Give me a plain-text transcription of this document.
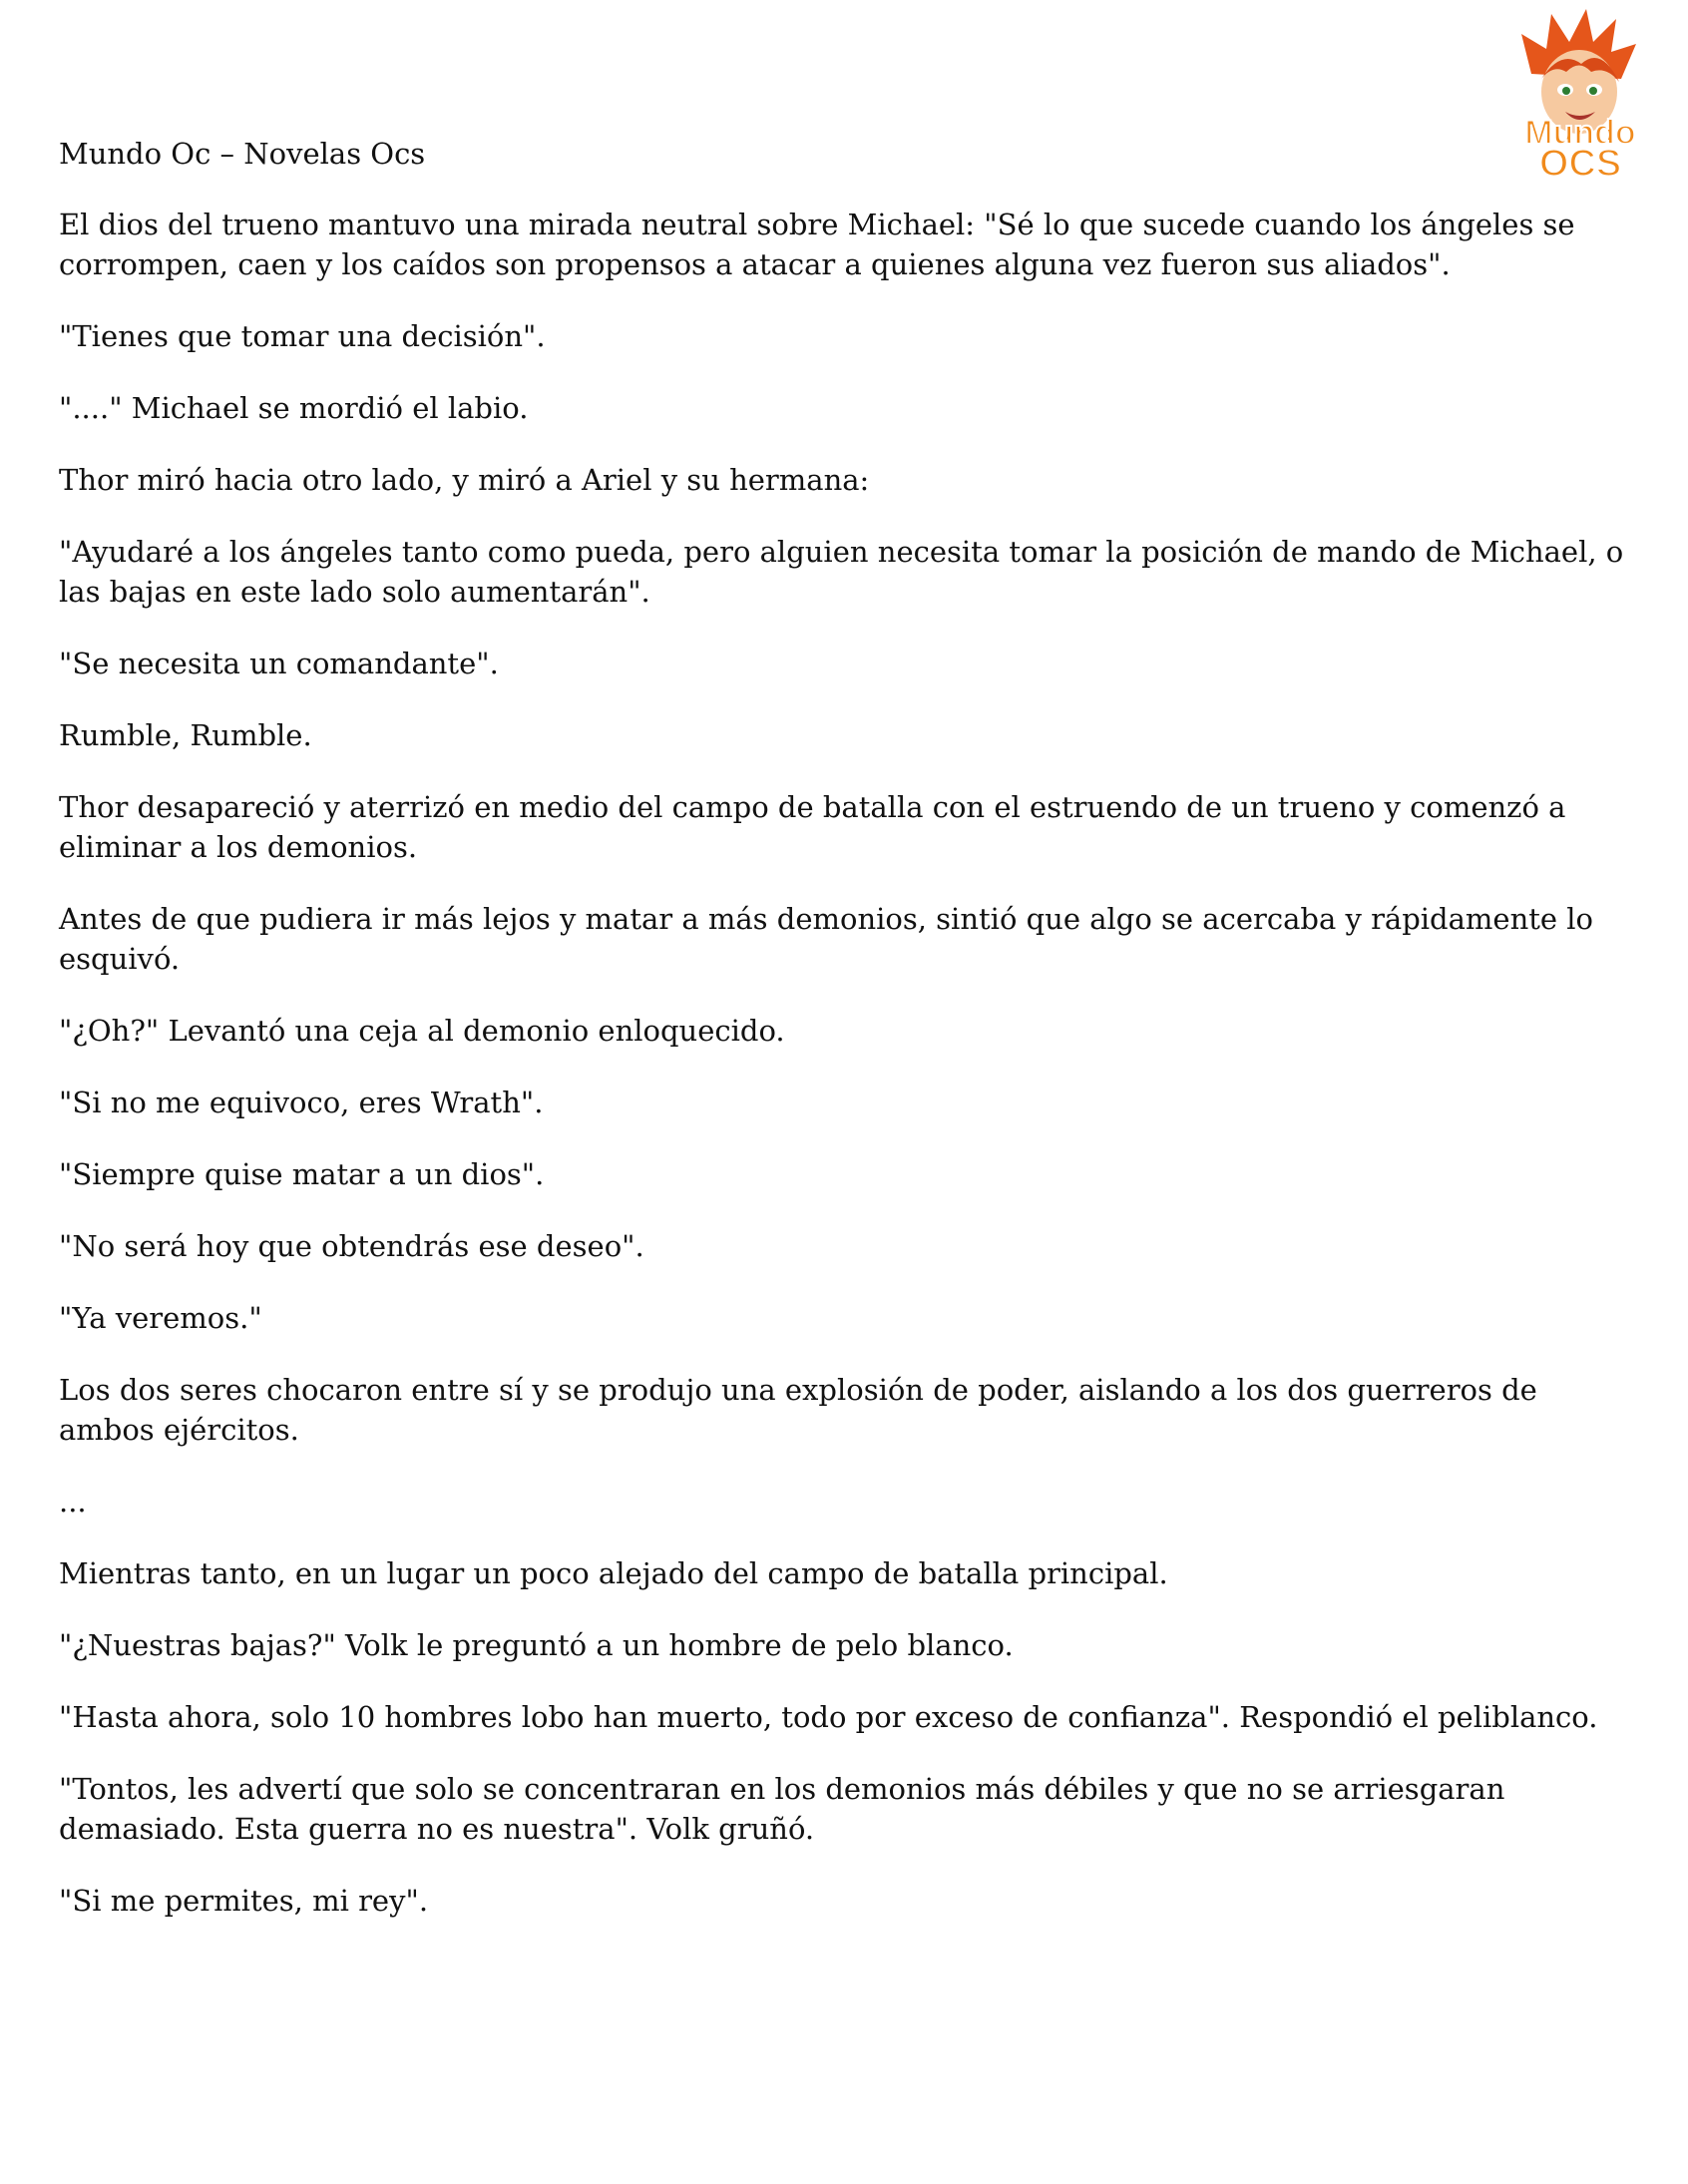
Mundo Oc – Novelas Ocs
Mundo
OCS

El dios del trueno mantuvo una mirada neutral sobre Michael: "Sé lo que sucede cuando los ángeles se corrompen, caen y los caídos son propensos a atacar a quienes alguna vez fueron sus aliados".

"Tienes que tomar una decisión".

"...." Michael se mordió el labio.

Thor miró hacia otro lado, y miró a Ariel y su hermana:

"Ayudaré a los ángeles tanto como pueda, pero alguien necesita tomar la posición de mando de Michael, o las bajas en este lado solo aumentarán".

"Se necesita un comandante".

Rumble, Rumble.

Thor desapareció y aterrizó en medio del campo de batalla con el estruendo de un trueno y comenzó a eliminar a los demonios.

Antes de que pudiera ir más lejos y matar a más demonios, sintió que algo se acercaba y rápidamente lo esquivó.

"¿Oh?" Levantó una ceja al demonio enloquecido.

"Si no me equivoco, eres Wrath".

"Siempre quise matar a un dios".

"No será hoy que obtendrás ese deseo".

"Ya veremos."

Los dos seres chocaron entre sí y se produjo una explosión de poder, aislando a los dos guerreros de ambos ejércitos.

...

Mientras tanto, en un lugar un poco alejado del campo de batalla principal.

"¿Nuestras bajas?" Volk le preguntó a un hombre de pelo blanco.

"Hasta ahora, solo 10 hombres lobo han muerto, todo por exceso de confianza". Respondió el peliblanco.

"Tontos, les advertí que solo se concentraran en los demonios más débiles y que no se arriesgaran demasiado. Esta guerra no es nuestra". Volk gruñó.

"Si me permites, mi rey".
